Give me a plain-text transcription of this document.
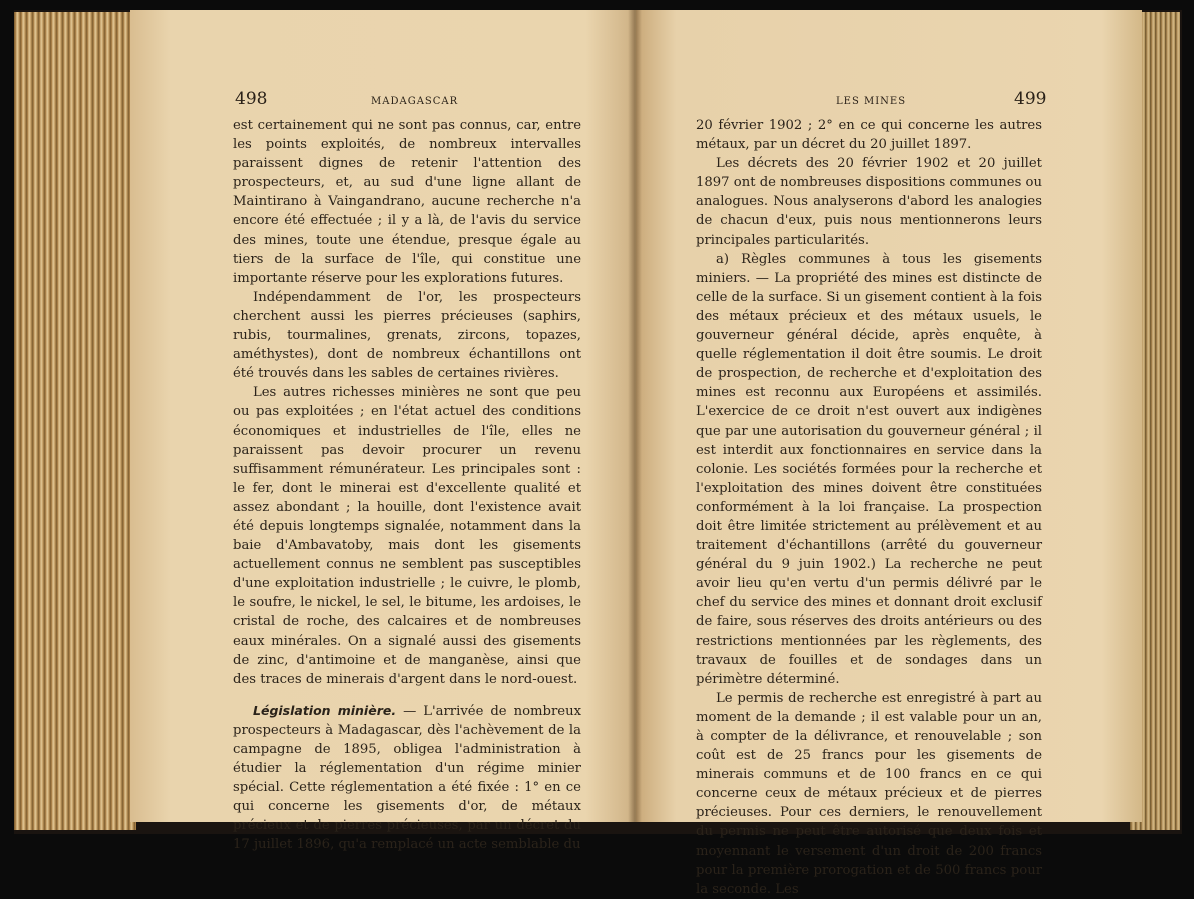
498	MADAGASCAR	LES MINES	499

est certainement qui ne sont pas connus, car, entre les points exploités, de nombreux intervalles paraissent dignes de retenir l'attention des prospecteurs, et, au sud d'une ligne allant de Maintirano à Vaingandrano, aucune recherche n'a encore été effectuée ; il y a là, de l'avis du service des mines, toute une étendue, presque égale au tiers de la surface de l'île, qui constitue une importante réserve pour les explorations futures.

Indépendamment de l'or, les prospecteurs cherchent aussi les pierres précieuses (saphirs, rubis, tourmalines, grenats, zircons, topazes, améthystes), dont de nombreux échantillons ont été trouvés dans les sables de certaines rivières.

Les autres richesses minières ne sont que peu ou pas exploitées ; en l'état actuel des conditions économiques et industrielles de l'île, elles ne paraissent pas devoir procurer un revenu suffisamment rémunérateur. Les principales sont : le fer, dont le minerai est d'excellente qualité et assez abondant ; la houille, dont l'existence avait été depuis longtemps signalée, notamment dans la baie d'Ambavatoby, mais dont les gisements actuellement connus ne semblent pas susceptibles d'une exploitation industrielle ; le cuivre, le plomb, le soufre, le nickel, le sel, le bitume, les ardoises, le cristal de roche, des calcaires et de nombreuses eaux minérales. On a signalé aussi des gisements de zinc, d'antimoine et de manganèse, ainsi que des traces de minerais d'argent dans le nord-ouest.

Législation minière. — L'arrivée de nombreux prospecteurs à Madagascar, dès l'achèvement de la campagne de 1895, obligea l'administration à étudier la réglementation d'un régime minier spécial. Cette réglementation a été fixée : 1° en ce qui concerne les gisements d'or, de métaux précieux et de pierres précieuses, par un décret du 17 juillet 1896, qu'a remplacé un acte semblable du

20 février 1902 ; 2° en ce qui concerne les autres métaux, par un décret du 20 juillet 1897.

Les décrets des 20 février 1902 et 20 juillet 1897 ont de nombreuses dispositions communes ou analogues. Nous analyserons d'abord les analogies de chacun d'eux, puis nous mentionnerons leurs principales particularités.

a) Règles communes à tous les gisements miniers. — La propriété des mines est distincte de celle de la surface. Si un gisement contient à la fois des métaux précieux et des métaux usuels, le gouverneur général décide, après enquête, à quelle réglementation il doit être soumis. Le droit de prospection, de recherche et d'exploitation des mines est reconnu aux Européens et assimilés. L'exercice de ce droit n'est ouvert aux indigènes que par une autorisation du gouverneur général ; il est interdit aux fonctionnaires en service dans la colonie. Les sociétés formées pour la recherche et l'exploitation des mines doivent être constituées conformément à la loi française. La prospection doit être limitée strictement au prélèvement et au traitement d'échantillons (arrêté du gouverneur général du 9 juin 1902.) La recherche ne peut avoir lieu qu'en vertu d'un permis délivré par le chef du service des mines et donnant droit exclusif de faire, sous réserves des droits antérieurs ou des restrictions mentionnées par les règlements, des travaux de fouilles et de sondages dans un périmètre déterminé.

Le permis de recherche est enregistré à part au moment de la demande ; il est valable pour un an, à compter de la délivrance, et renouvelable ; son coût est de 25 francs pour les gisements de minerais communs et de 100 francs en ce qui concerne ceux de métaux précieux et de pierres précieuses. Pour ces derniers, le renouvellement du permis ne peut être autorisé que deux fois et moyennant le versement d'un droit de 200 francs pour la première prorogation et de 500 francs pour la seconde. Les
